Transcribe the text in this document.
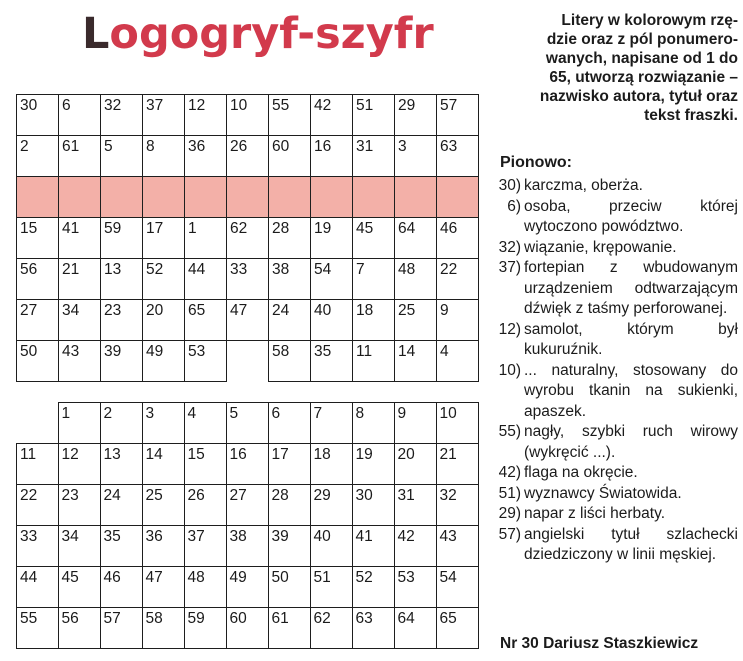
Logogryf-szyfr
30	6	32	37	12	10	55	42	51	29	57

2	61	5	8	36	26	60	16	31	3	63

15	41	59	17	1	62	28	19	45	64	46

56	21	13	52	44	33	38	54	7	48	22

27	34	23	20	65	47	24	40	18	25	9

50	43	39	49	53		58	35	11	14	4

	1	2	3	4	5	6	7	8	9	10

11	12	13	14	15	16	17	18	19	20	21

22	23	24	25	26	27	28	29	30	31	32

33	34	35	36	37	38	39	40	41	42	43

44	45	46	47	48	49	50	51	52	53	54

55	56	57	58	59	60	61	62	63	64	65
Litery w kolorowym rzę-
dzie oraz z pól ponumero-
wanych, napisane od 1 do
65, utworzą rozwiązanie –
nazwisko autora, tytuł oraz
tekst fraszki.
Pionowo:
30) karczma, oberża.
6) osoba, przeciw której wytoczono powództwo.
32) wiązanie, krępowanie.
37) fortepian z wbudowanym urządzeniem odtwarzającym dźwięk z taśmy perforowanej.
12) samolot, którym był kukuruźnik.
10) ... naturalny, stosowany do wyrobu tkanin na sukienki, apaszek.
55) nagły, szybki ruch wirowy (wykręcić ...).
42) flaga na okręcie.
51) wyznawcy Światowida.
29) napar z liści herbaty.
57) angielski tytuł szlachecki dziedziczony w linii męskiej.

Nr 30 Dariusz Staszkiewicz
